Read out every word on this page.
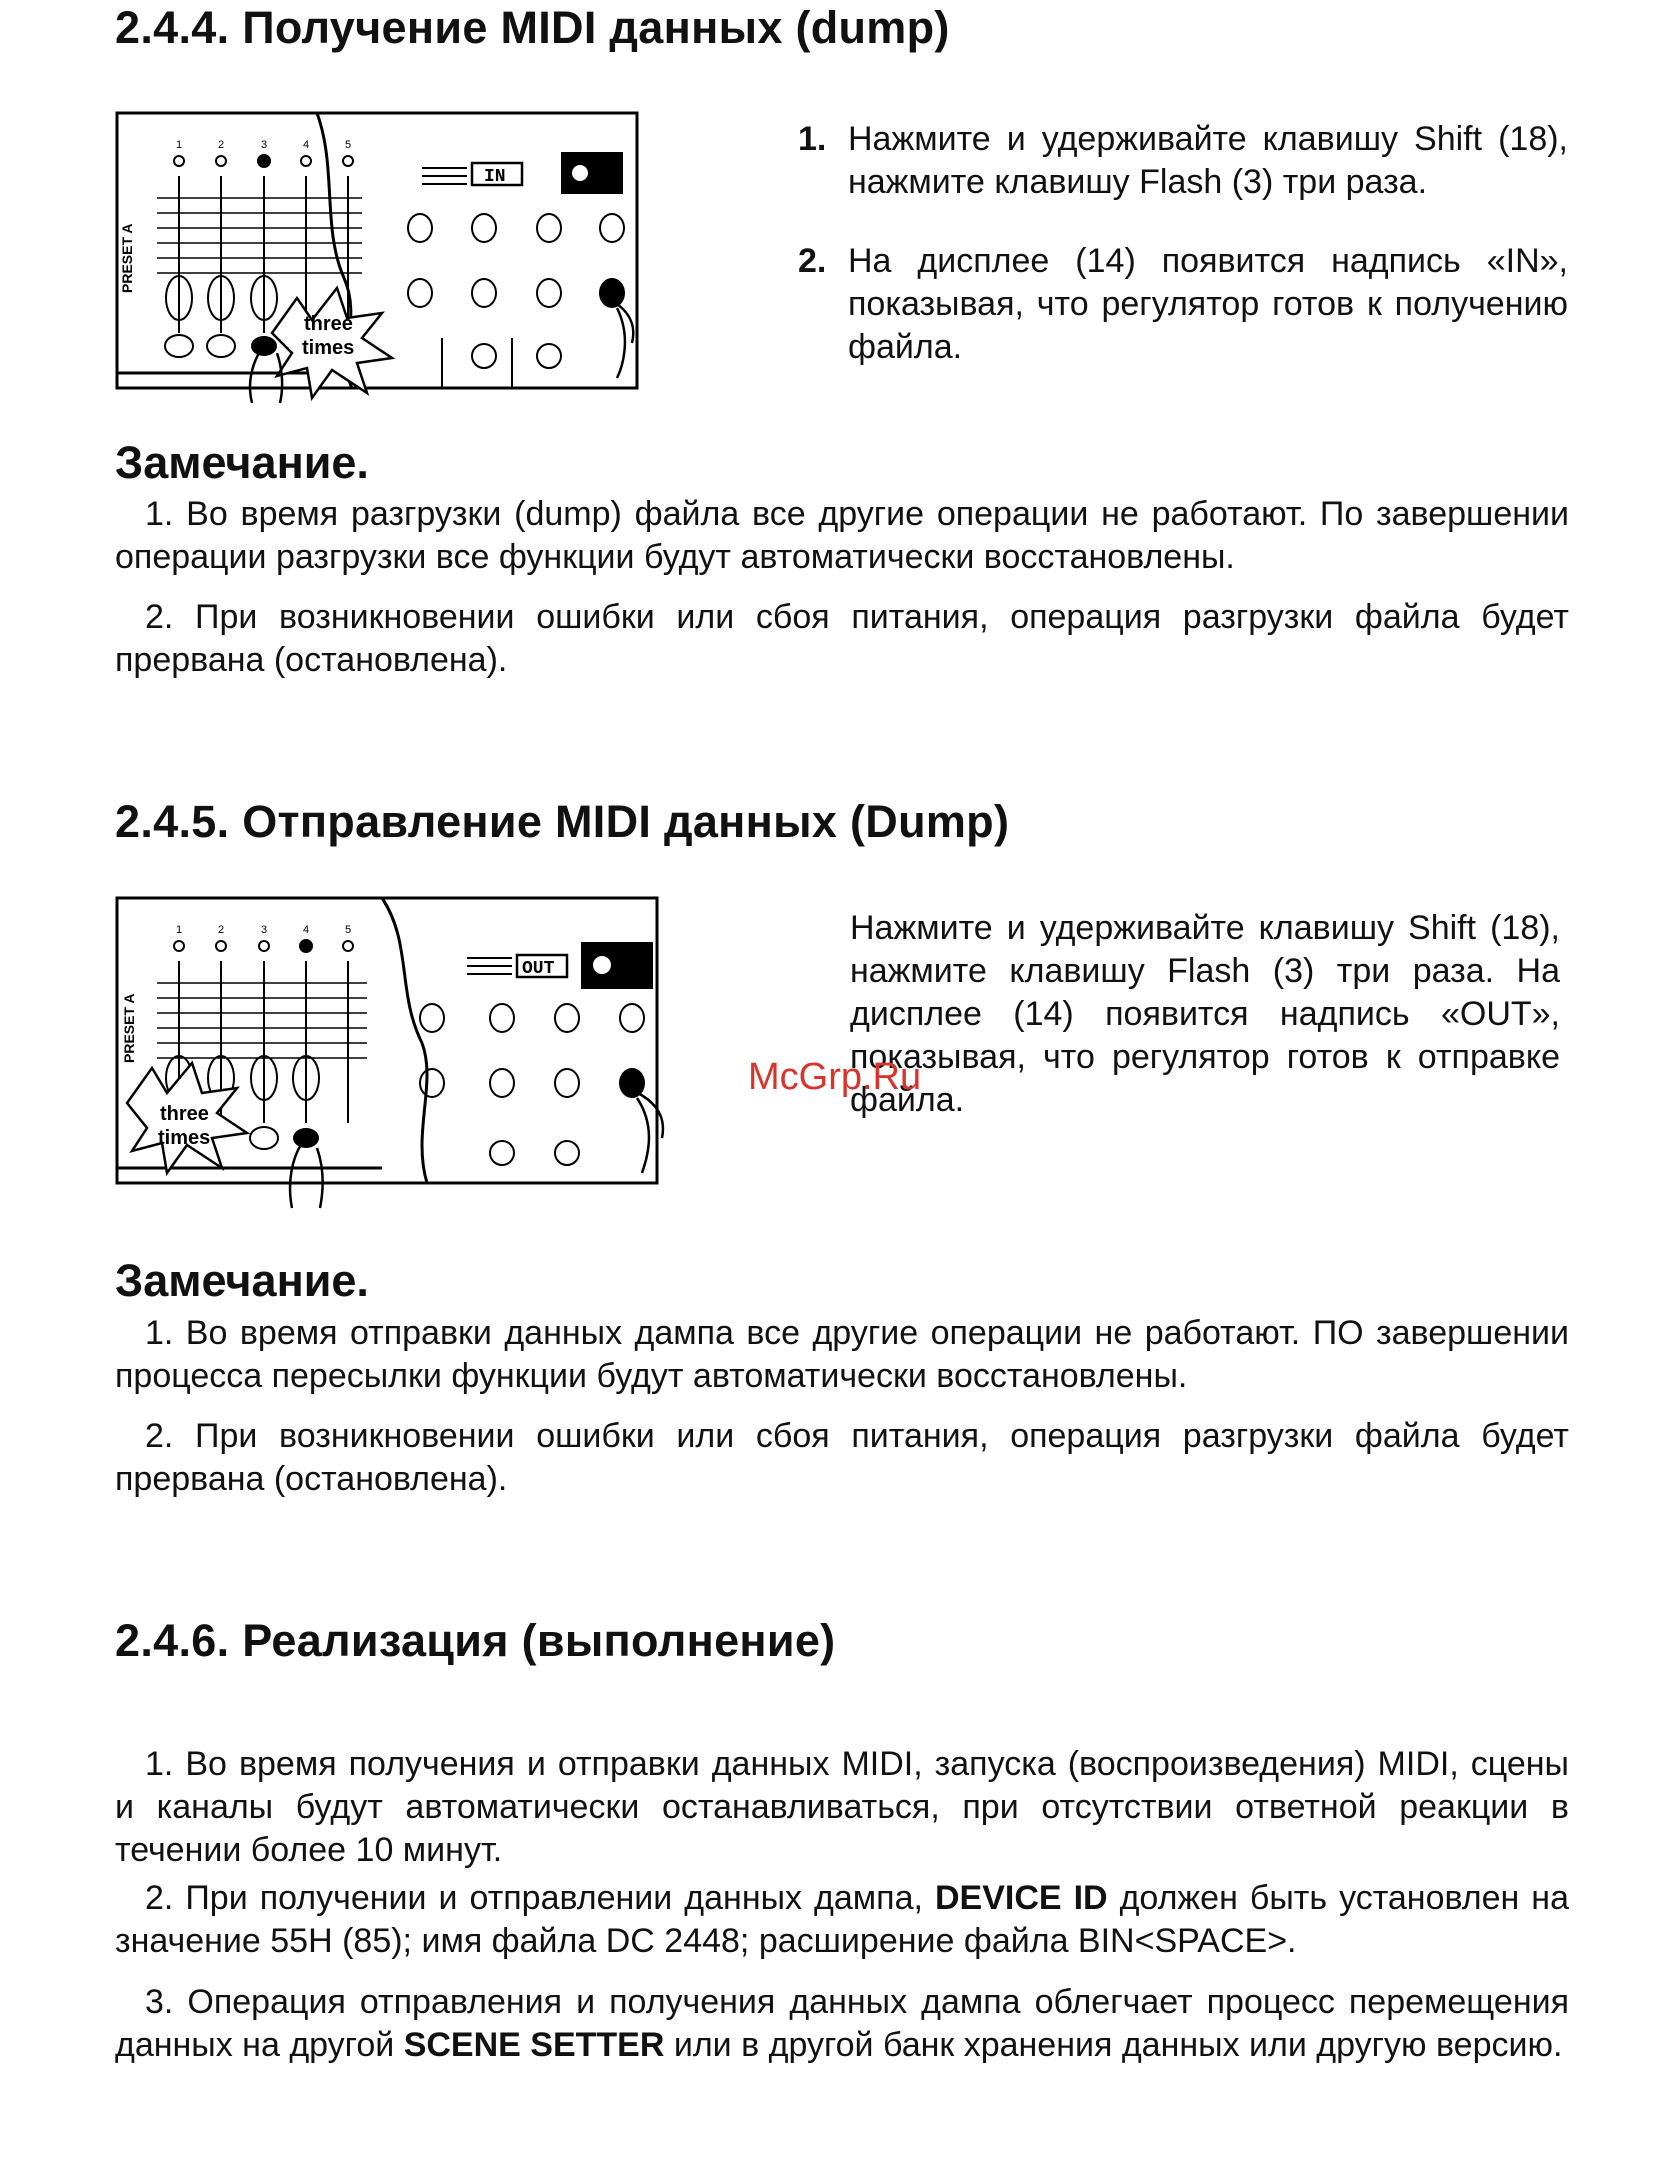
2.4.4. Получение MIDI данных (dump)
PRESET A
1	2	3	4	5
three
times
IN
1. Нажмите и удерживайте клавишу Shift (18), нажмите клавишу Flash (3) три раза.
2. На дисплее (14) появится надпись «IN», показывая, что регулятор готов к получению файла.
Замечание.

1. Во время разгрузки (dump) файла все другие операции не работают. По завершении операции разгрузки все функции будут автоматически восстановлены.

2. При возникновении ошибки или сбоя питания, операция разгрузки файла будет прервана (остановлена).

2.4.5. Отправление MIDI данных (Dump)
PRESET A
1	2	3	4	5
three
times
OUT

Нажмите и удерживайте клавишу Shift (18), нажмите клавишу Flash (3) три раза. На дисплее (14) появится надпись «OUT», показывая, что регулятор готов к отправке файла.

McGrp.Ru
Замечание.

1. Во время отправки данных дампа все другие операции не работают. ПО завершении процесса пересылки функции будут автоматически восстановлены.

2. При возникновении ошибки или сбоя питания, операция разгрузки файла будет прервана (остановлена).

2.4.6. Реализация (выполнение)

1. Во время получения и отправки данных MIDI, запуска (воспроизведения) MIDI, сцены и каналы будут автоматически останавливаться, при отсутствии ответной реакции в течении более 10 минут.

2. При получении и отправлении данных дампа, DEVICE ID должен быть установлен на значение 55H (85); имя файла DC 2448; расширение файла BIN<SPACE>.

3. Операция отправления и получения данных дампа облегчает процесс перемещения данных на другой SCENE SETTER или в другой банк хранения данных или другую версию.
